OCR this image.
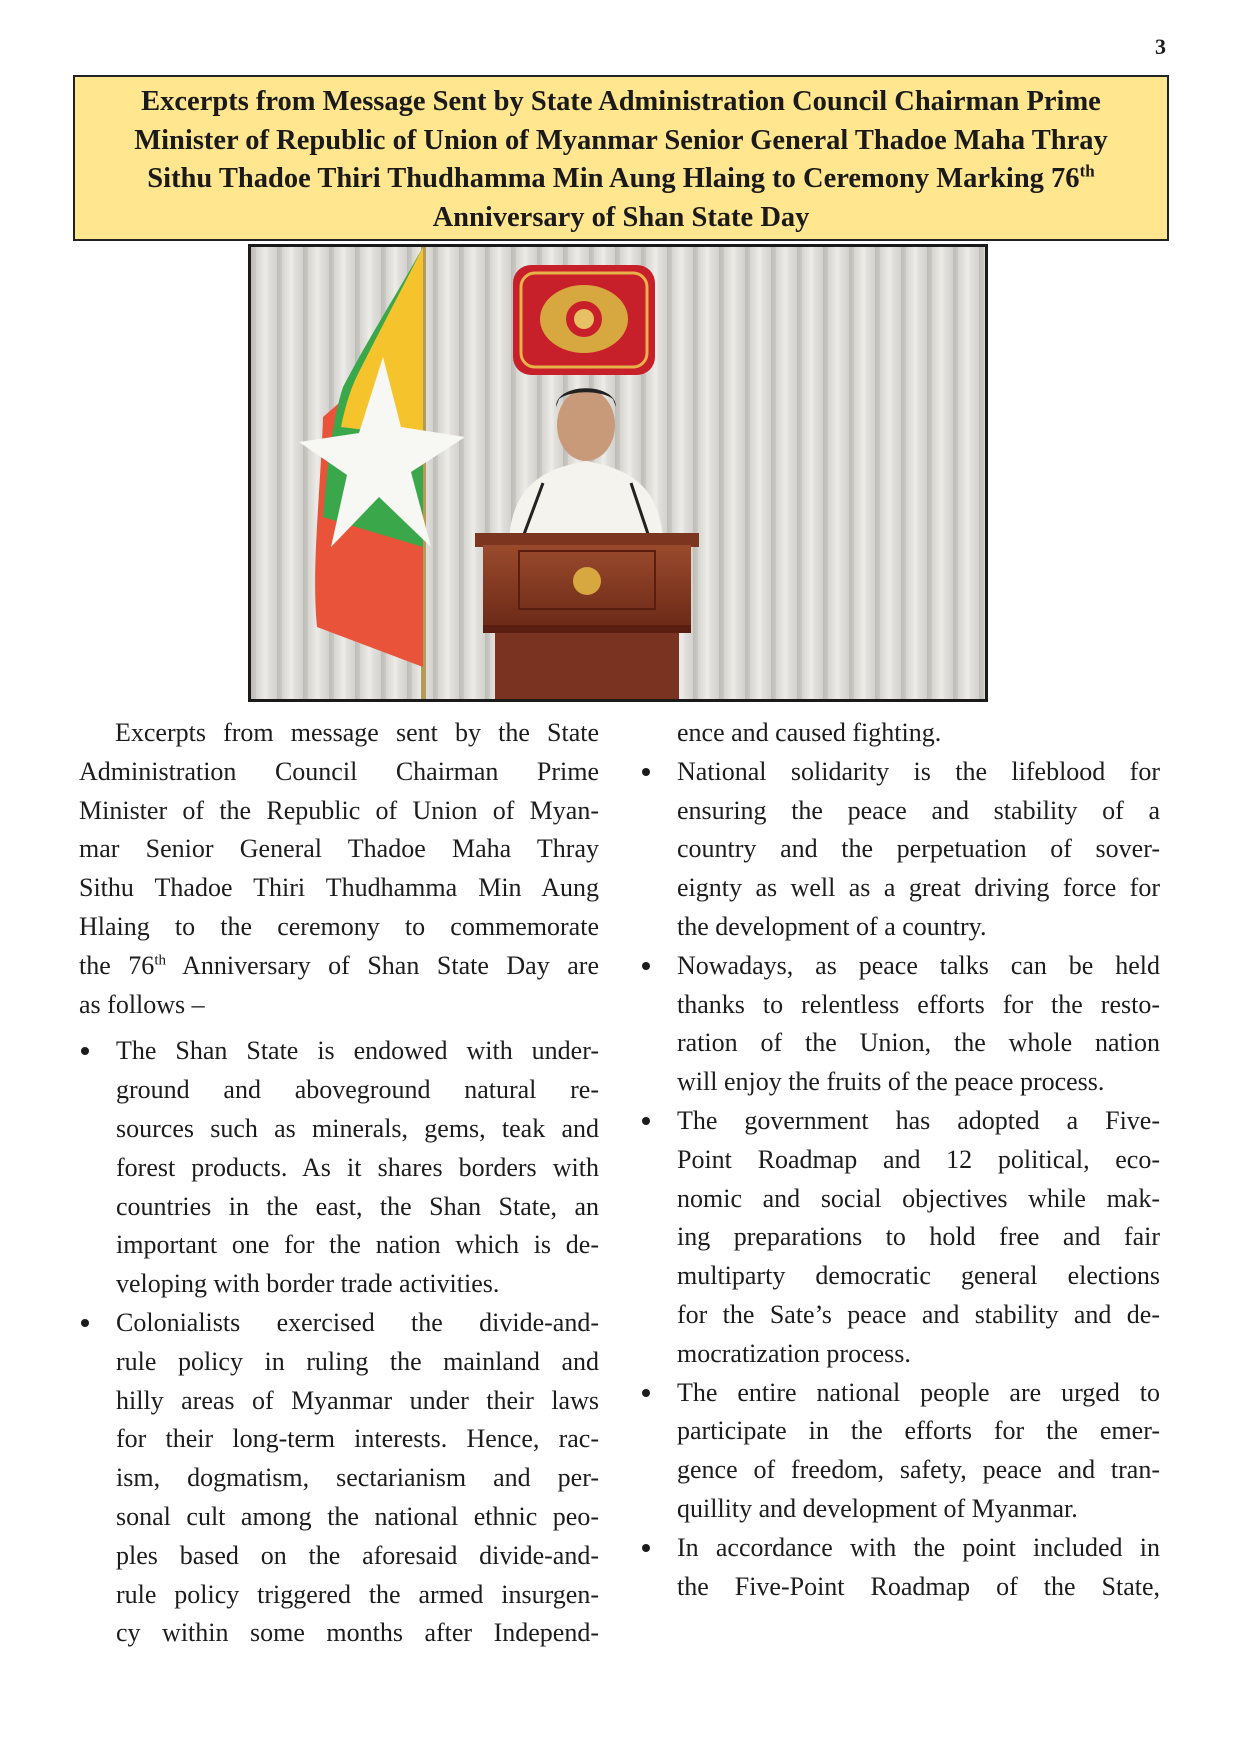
3
Excerpts from Message Sent by State Administration Council Chairman Prime
Minister of Republic of Union of Myanmar Senior General Thadoe Maha Thray
Sithu Thadoe Thiri Thudhamma Min Aung Hlaing to Ceremony Marking 76th
Anniversary of Shan State Day

Excerpts from message sent by the State
Administration Council Chairman Prime
Minister of the Republic of Union of Myan-
mar Senior General Thadoe Maha Thray
Sithu Thadoe Thiri Thudhamma Min Aung
Hlaing to the ceremony to commemorate
the 76th Anniversary of Shan State Day are
as follows –

The Shan State is endowed with under-
ground and aboveground natural re-
sources such as minerals, gems, teak and
forest products. As it shares borders with
countries in the east, the Shan State, an
important one for the nation which is de-
veloping with border trade activities.

Colonialists exercised the divide-and-
rule policy in ruling the mainland and
hilly areas of Myanmar under their laws
for their long-term interests. Hence, rac-
ism, dogmatism, sectarianism and per-
sonal cult among the national ethnic peo-
ples based on the aforesaid divide-and-
rule policy triggered the armed insurgen-
cy within some months after Independ-

ence and caused fighting.

National solidarity is the lifeblood for
ensuring the peace and stability of a
country and the perpetuation of sover-
eignty as well as a great driving force for
the development of a country.

Nowadays, as peace talks can be held
thanks to relentless efforts for the resto-
ration of the Union, the whole nation
will enjoy the fruits of the peace process.

The government has adopted a Five-
Point Roadmap and 12 political, eco-
nomic and social objectives while mak-
ing preparations to hold free and fair
multiparty democratic general elections
for the Sate’s peace and stability and de-
mocratization process.

The entire national people are urged to
participate in the efforts for the emer-
gence of freedom, safety, peace and tran-
quillity and development of Myanmar.

In accordance with the point included in
the Five-Point Roadmap of the State,
